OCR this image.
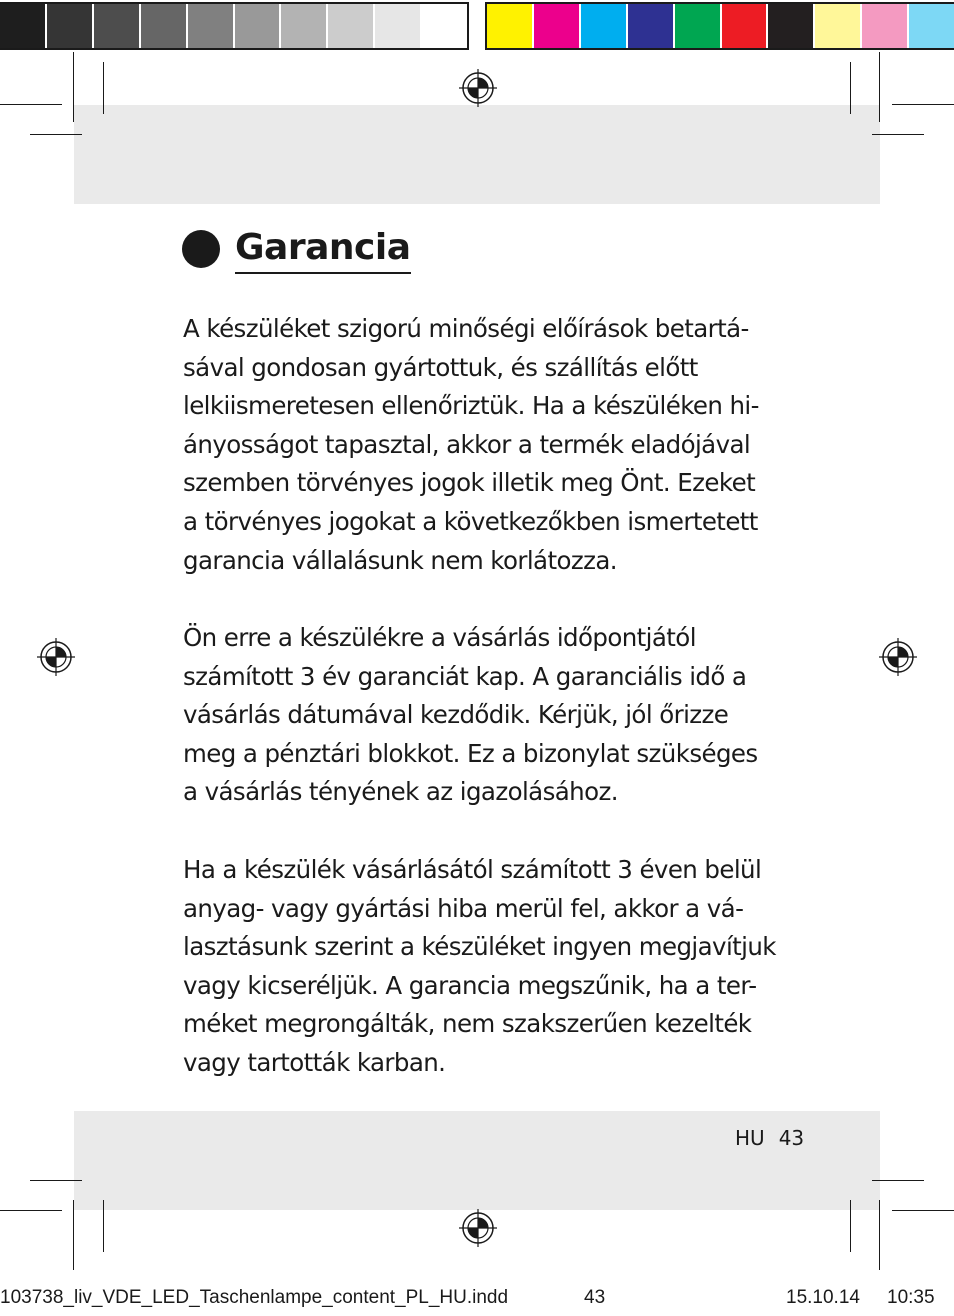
Garancia

A készüléket szigorú minőségi előírások betartá-
sával gondosan gyártottuk, és szállítás előtt
lelkiismeretesen ellenőriztük. Ha a készüléken hi-
ányosságot tapasztal, akkor a termék eladójával
szemben törvényes jogok illetik meg Önt. Ezeket
a törvényes jogokat a következőkben ismertetett
garancia vállalásunk nem korlátozza.

Ön erre a készülékre a vásárlás időpontjától
számított 3 év garanciát kap. A garanciális idő a
vásárlás dátumával kezdődik. Kérjük, jól őrizze
meg a pénztári blokkot. Ez a bizonylat szükséges
a vásárlás tényének az igazolásához.

Ha a készülék vásárlásától számított 3 éven belül
anyag- vagy gyártási hiba merül fel, akkor a vá-
lasztásunk szerint a készüléket ingyen megjavítjuk
vagy kicseréljük. A garancia megszűnik, ha a ter-
méket megrongálták, nem szakszerűen kezelték
vagy tartották karban.

HU 43
103738_liv_VDE_LED_Taschenlampe_content_PL_HU.indd	43	15.10.14 10:35
